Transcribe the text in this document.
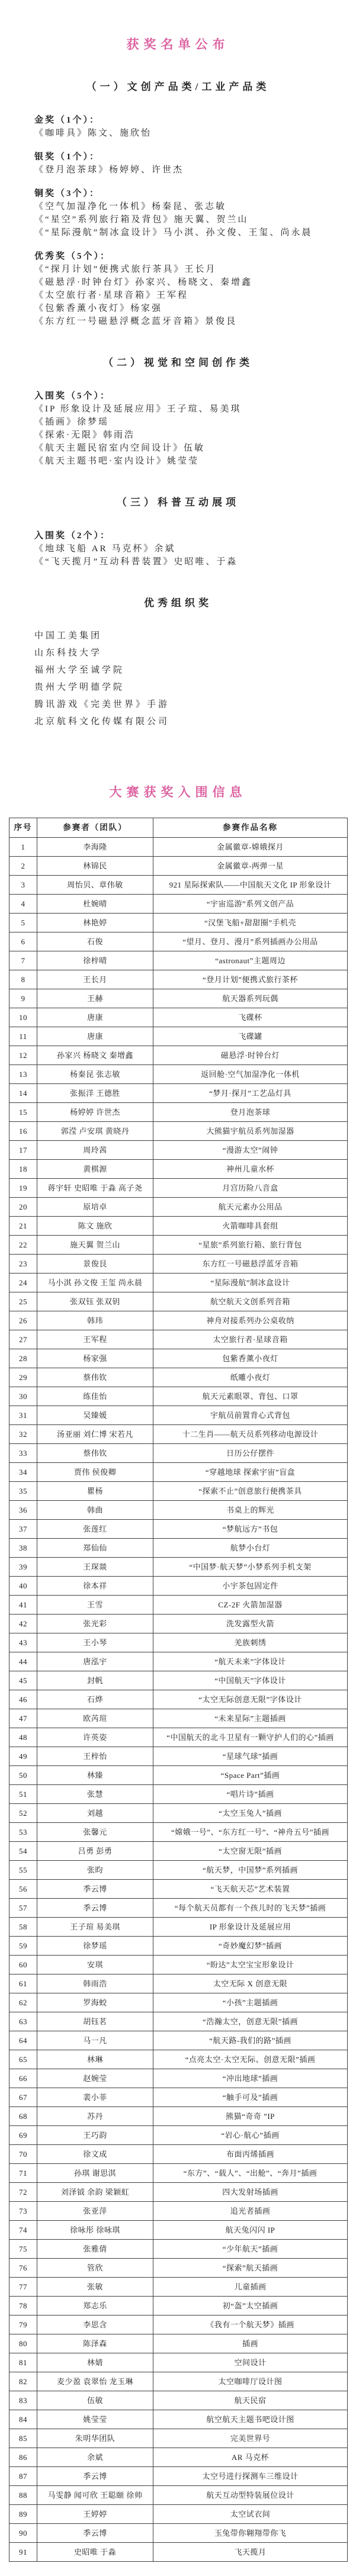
获奖名单公布
（一）文创产品类/工业产品类
金奖（1个）：
《咖啡具》陈文、施欣怡
银奖（1个）：
《登月泡茶球》杨婷婷、许世杰
铜奖（3个）：
《空气加湿净化一体机》杨秦昆、张志敏
《“星空”系列旅行箱及背包》施天翼、贺兰山
《“星际漫航”制冰盒设计》马小淇、孙文俊、王玺、尚永晨
优秀奖（5个）：
《“探月计划”便携式旅行茶具》王长月
《磁悬浮·时钟台灯》孙家兴、杨晓文、秦增鑫
《太空旅行者·星球音箱》王军程
《包紫香薰小夜灯》杨家强
《东方红一号磁悬浮概念蓝牙音箱》景俊艮
（二）视觉和空间创作类
入围奖（5个）：
《IP 形象设计及延展应用》王子瑄、易美琪
《插画》徐梦瑶
《探索·无限》韩雨浩
《航天主题民宿室内空间设计》伍敏
《航天主题书吧·室内设计》姚莹莹
（三）科普互动展项
入围奖（2个）：
《地球飞船 AR 马克杯》余斌
《“飞天揽月”互动科普装置》史昭唯、于淼
优秀组织奖
中国工美集团
山东科技大学
福州大学至诚学院
贵州大学明德学院
腾讯游戏《完美世界》手游
北京航科文化传媒有限公司
大赛获奖入围信息
序号	参赛者（团队）	参赛作品名称
1	李海隆	金属徽章-嫦娥探月
2	林锦民	金属徽章-两弹一星
3	周怡贝、章伟敏	921 星际探索队——中国航天文化 IP 形象设计
4	杜婉晴	“宇宙巡游”系列文创产品
5	林艳婷	“汉堡飞船+甜甜圈”手机壳
6	石俊	“望月、登月、漫月”系列插画办公用品
7	徐梓晴	“astronaut”主题周边
8	王长月	“登月计划”便携式旅行茶杯
9	王赫	航天器系列玩偶
10	唐康	飞碟杯
11	唐康	飞碟罐
12	孙家兴 杨晓文 秦增鑫	磁悬浮·时钟台灯
13	杨秦昆 张志敏	返回舱·空气加湿净化一体机
14	张振洋 王德胜	“梦月·探月”工艺品灯具
15	杨婷婷 许世杰	登月泡茶球
16	郭滢 卢安琪 黄晓丹	大熊猫宇航员系列加湿器
17	周玲茜	“漫游太空”闹钟
18	黄棋源	神州儿童水杯
19	蒋宇轩 史昭唯 于淼 高子尧	月宫历险八音盒
20	原培卓	航天元素办公用品
21	陈文 施欣	火箭咖啡具套组
22	施天翼 贺兰山	“星旅”系列旅行箱、旅行背包
23	景俊艮	东方红一号磁悬浮蓝牙音箱
24	马小淇 孙文俊 王玺 尚永晨	“星际漫航”制冰盒设计
25	张双钰 张双钥	航空航天文创系列音箱
26	韩玮	神舟对接系列办公桌收纳
27	王军程	太空旅行者·星球音箱
28	杨家强	包紫香薰小夜灯
29	蔡伟钦	纸雕小夜灯
30	练佳怡	航天元素眼罩、背包、口罩
31	吴臻媛	宇航员前置背心式背包
32	汤亚丽 刘仁博 宋若凡	十二生肖——航天员系列移动电源设计
33	蔡伟钦	日历公仔摆件
34	贾伟 侯俊卿	“穿越地球 探索宇宙”盲盒
35	瞿杨	“探索不止”创意旅行便携茶具
36	韩曲	书桌上的辉光
37	张莲红	“梦航远方”书包
38	郑仙仙	航梦小台灯
39	王琛燚	“中国梦·航天梦”小梦系列手机支架
40	徐本祥	小宇茶包固定件
41	王雪	CZ-2F 火箭加湿器
42	张光彩	洗发露型火箭
43	王小琴	羌族刺绣
44	唐泓宇	“航天未来”字体设计
45	封帆	“中国航天”字体设计
46	石烨	“太空无际创意无限”字体设计
47	欧芮瑄	“未来星际”主题插画
48	许英姿	“中国航天的北斗卫星有一颗守护人们的心”插画
49	王梓怡	“星球气球”插画
50	林臻	“Space Part”插画
51	张慧	“唱片诗”插画
52	刘越	“太空玉兔人”插画
53	张馨元	“嫦娥一号”、“东方红一号”、“神舟五号”插画
54	吕勇 彭勇	“太空窗无限”插画
55	张昀	“航天梦，中国梦”系列插画
56	季云博	“飞天航天芯”艺术装置
57	季云博	“每个航天员都有一个孩儿时的飞天梦”插画
58	王子瑄 易美琪	IP 形象设计及延展应用
59	徐梦瑶	“奇妙魔幻梦”插画
60	安琪	“盼达”太空宝宝形象设计
61	韩雨浩	太空无际 X 创意无限
62	罗海蛟	“小孩”主题插画
63	胡钰茗	“浩瀚太空，创意无限”插画
64	马一凡	“航天路-我们的路”插画
65	林琳	“点亮太空·太空无际、创意无限”插画
66	赵婉莹	“冲出地球”插画
67	裴小菲	“触手可及”插画
68	苏丹	熊猫“奇奇 ”IP
69	王巧韵	“岩心·航心”插画
70	徐文成	布面丙烯插画
71	孙琪 谢思淇	“东方”、“载人”、“出舱”、“奔月”插画
72	刘泽钺 余韵 梁颖虹	四大发射场插画
73	张亚萍	追光者插画
74	徐咏彤 徐咏琪	航天兔闪闪 IP
75	张雅倩	“少年航天”插画
76	管欣	“探索”航天插画
77	张敏	儿童插画
78	郑志乐	初“盔”太空插画
79	李思含	《我有一个航天梦》插画
80	陈泽森	插画
81	林婧	空间设计
82	麦少盈 袁翠怡 龙玉琳	太空咖啡厅设计图
83	伍敏	航天民宿
84	姚莹莹	航空航天主题书吧设计图
85	朱明华团队	完美世界号
86	余斌	AR 马克杯
87	季云博	太空号进行探测车三维设计
88	马雯静 闻可欣 王聪颐 徐帅	航天互动型特装展位设计
89	王婷婷	太空试衣间
90	季云博	玉兔带你翱翔带你飞
91	史昭唯 于淼	飞天揽月
